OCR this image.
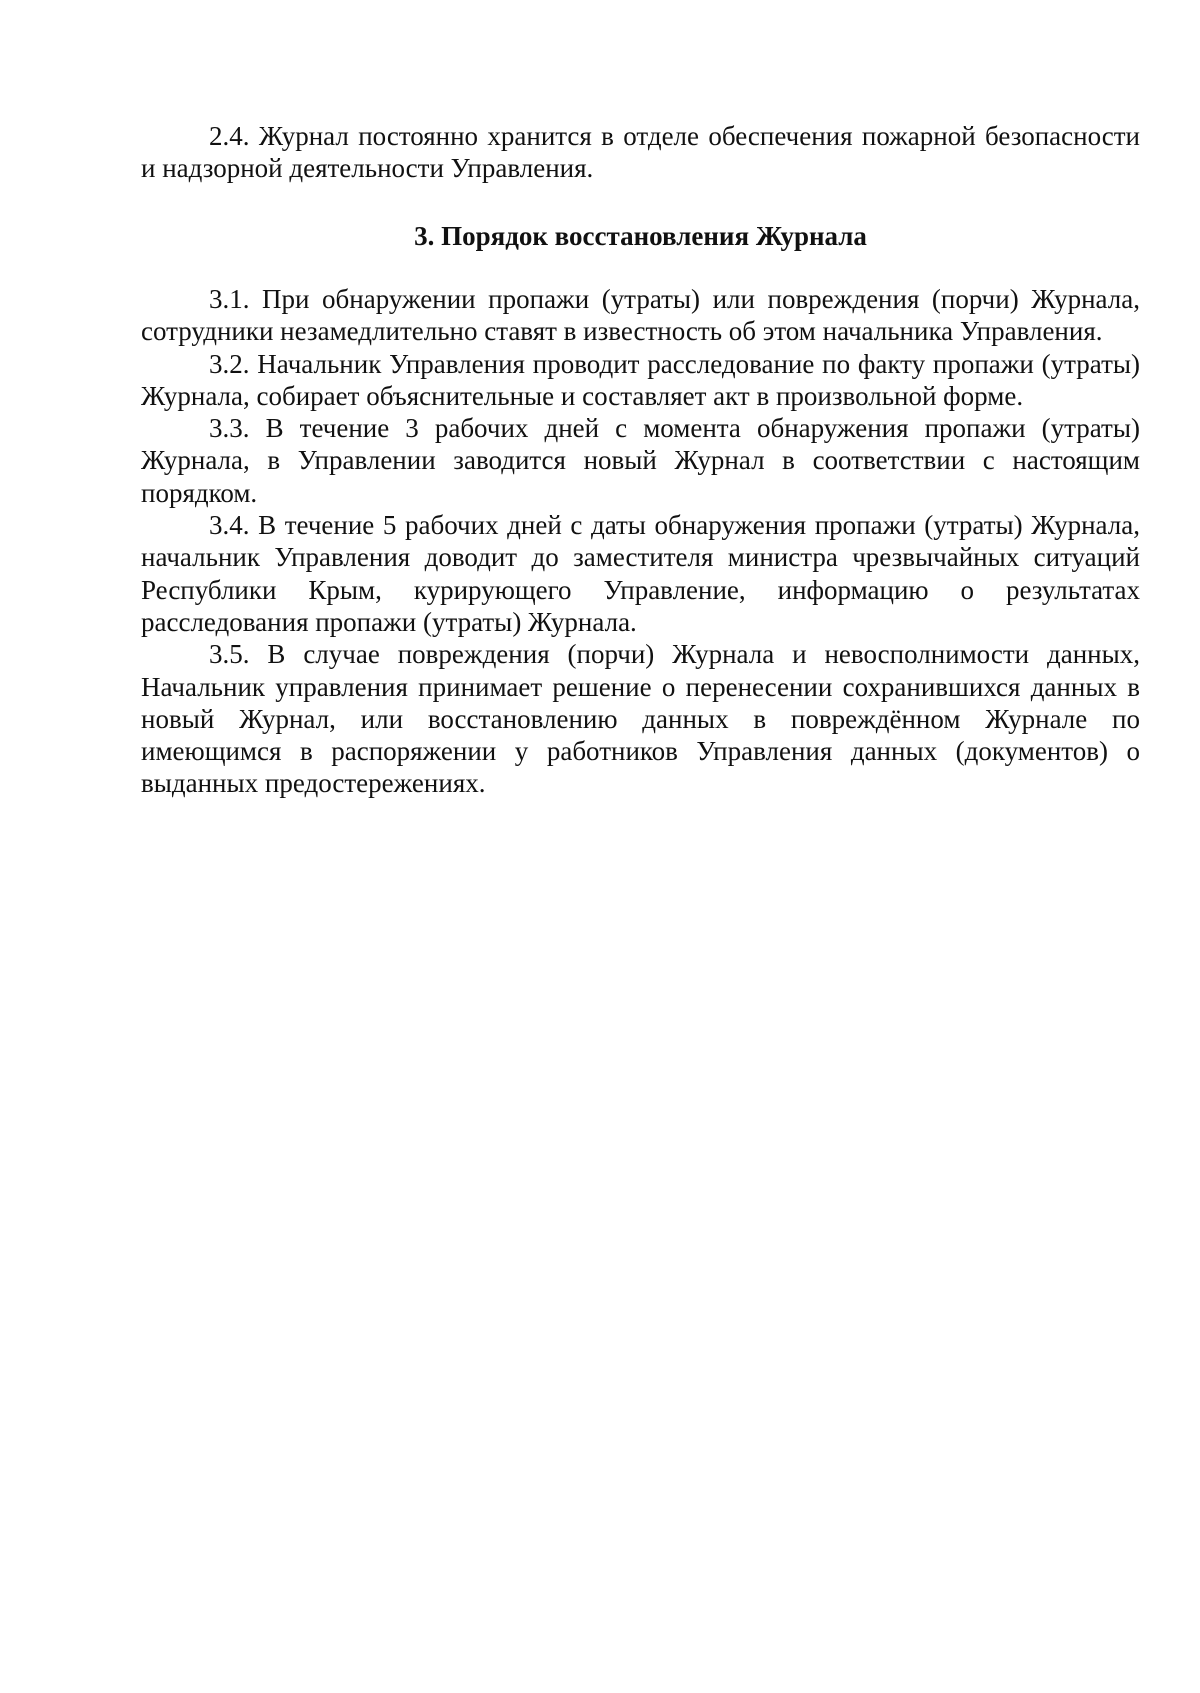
2.4. Журнал постоянно хранится в отделе обеспечения пожарной безопасности и надзорной деятельности Управления.

3. Порядок восстановления Журнала

3.1. При обнаружении пропажи (утраты) или повреждения (порчи) Журнала, сотрудники незамедлительно ставят в известность об этом начальника Управления.

3.2. Начальник Управления проводит расследование по факту пропажи (утраты) Журнала, собирает объяснительные и составляет акт в произвольной форме.

3.3. В течение 3 рабочих дней с момента обнаружения пропажи (утраты) Журнала, в Управлении заводится новый Журнал в соответствии с настоящим порядком.

3.4. В течение 5 рабочих дней с даты обнаружения пропажи (утраты) Журнала, начальник Управления доводит до заместителя министра чрезвычайных ситуаций Республики Крым, курирующего Управление, информацию о результатах расследования пропажи (утраты) Журнала.

3.5. В случае повреждения (порчи) Журнала и невосполнимости данных, Начальник управления принимает решение о перенесении сохранившихся данных в новый Журнал, или восстановлению данных в повреждённом Журнале по имеющимся в распоряжении у работников Управления данных (документов) о выданных предостережениях.
